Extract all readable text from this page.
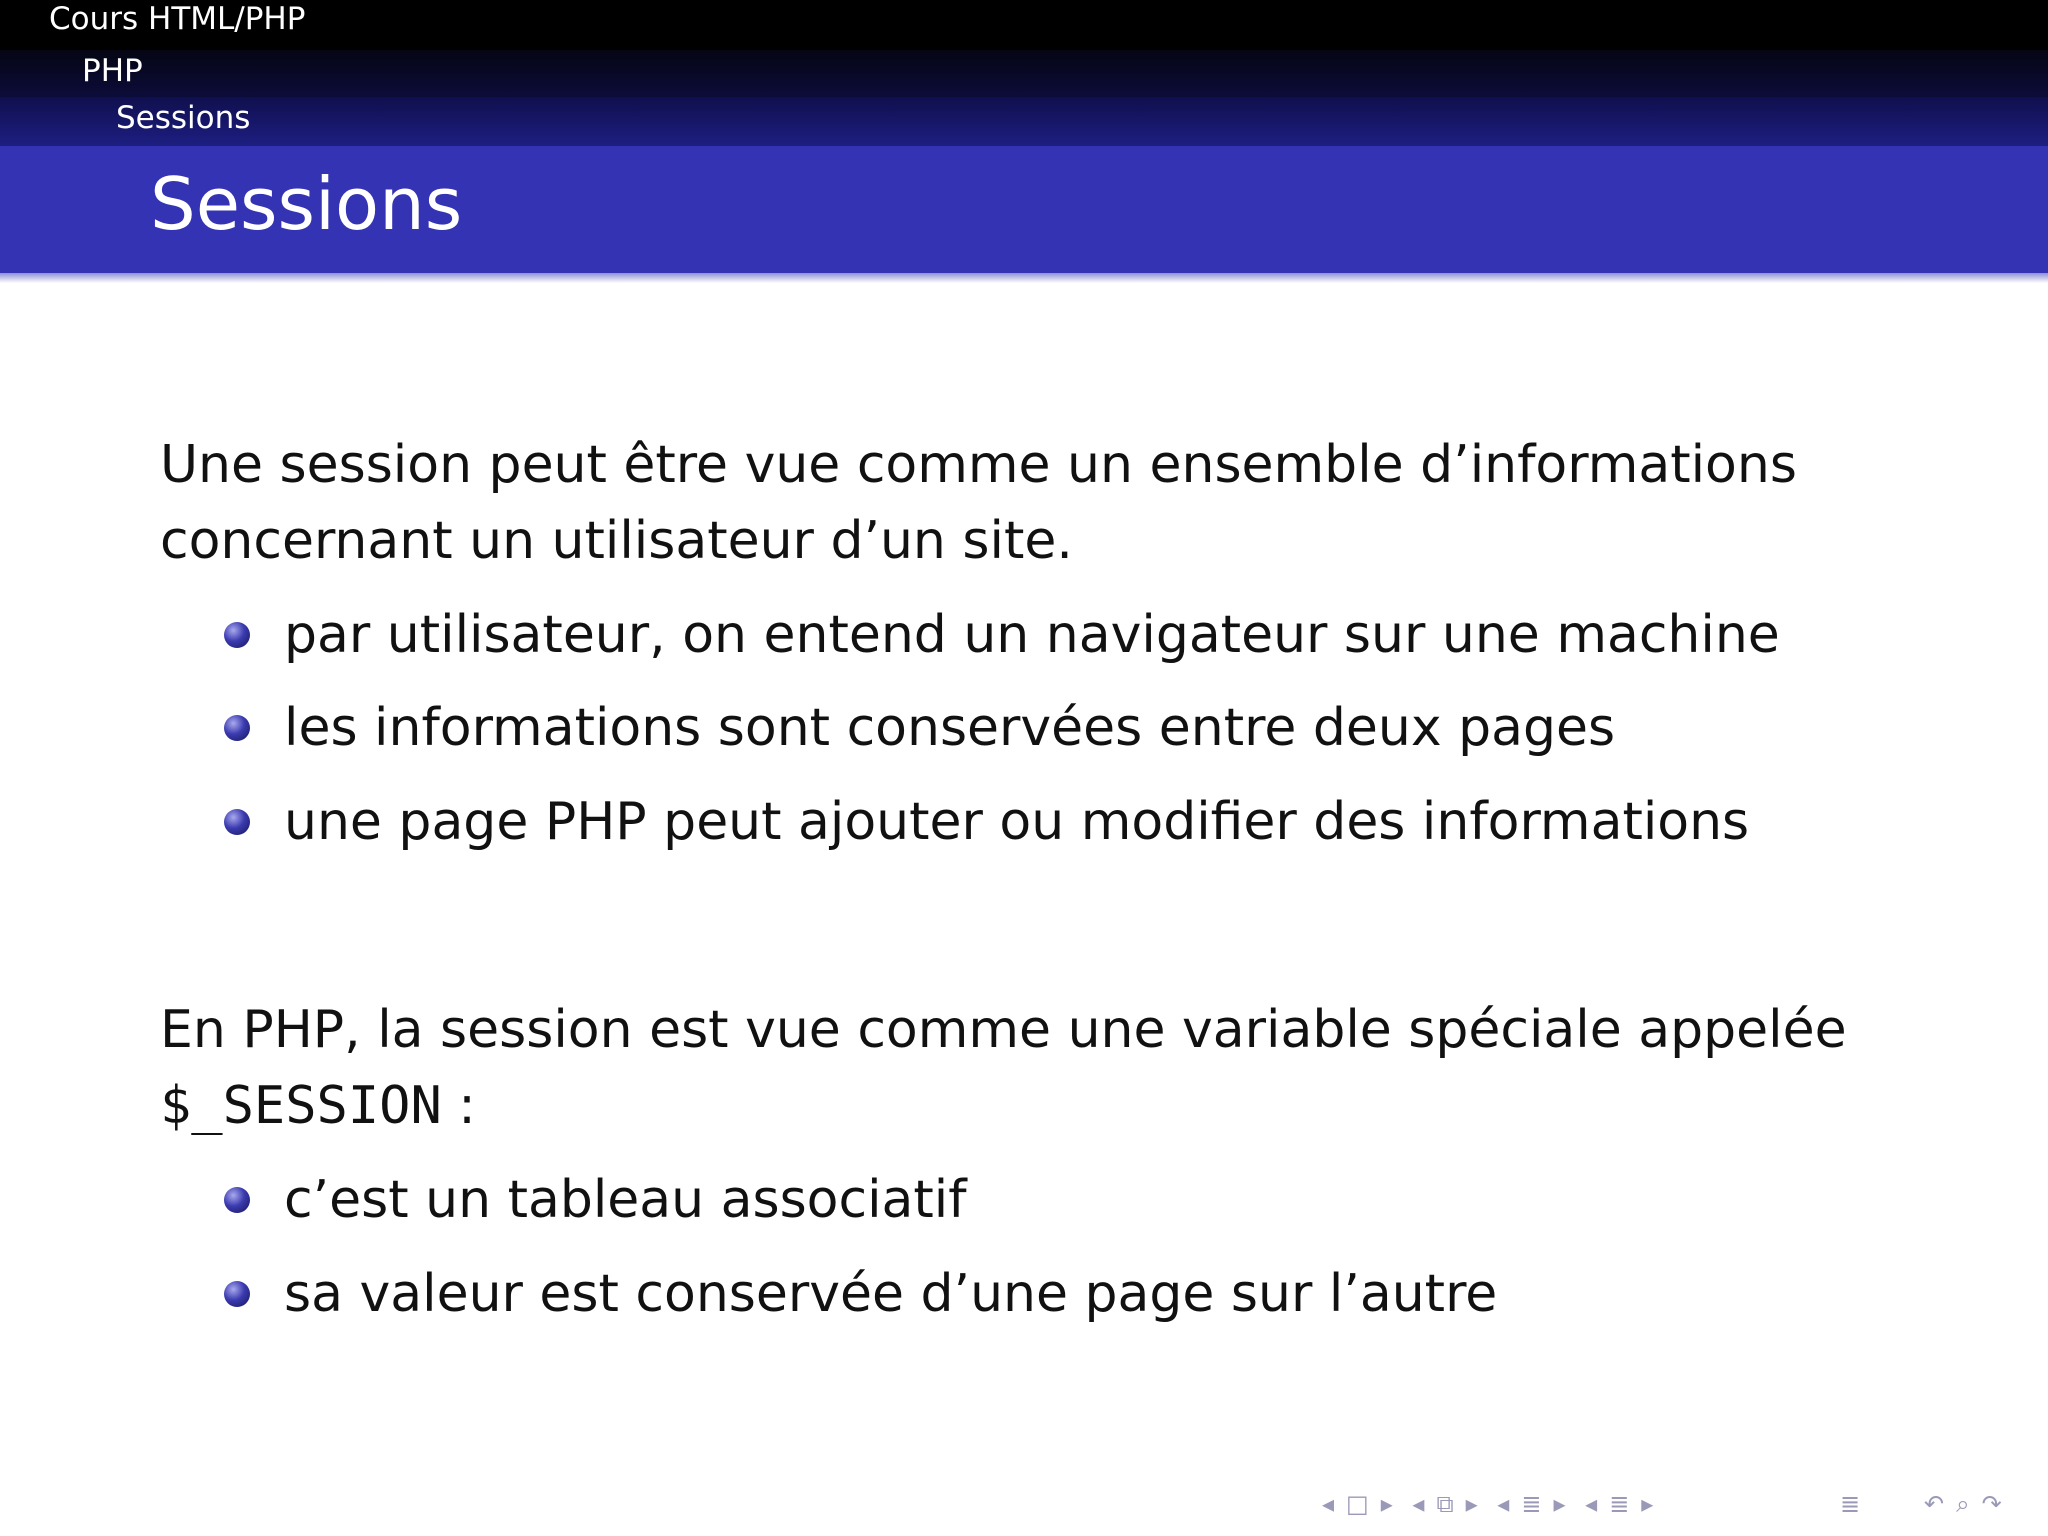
Cours HTML/PHP
PHP
Sessions
Sessions
Une session peut être vue comme un ensemble d’informations
concernant un utilisateur d’un site.
par utilisateur, on entend un navigateur sur une machine
les informations sont conservées entre deux pages
une page PHP peut ajouter ou modifier des informations
En PHP, la session est vue comme une variable spéciale appelée
$_SESSION :
c’est un tableau associatif
sa valeur est conservée d’une page sur l’autre
◂ □ ▸ ◂ ⧉ ▸ ◂ ≣ ▸ ◂ ≣ ▸	≣	↶ ⌕ ↷
